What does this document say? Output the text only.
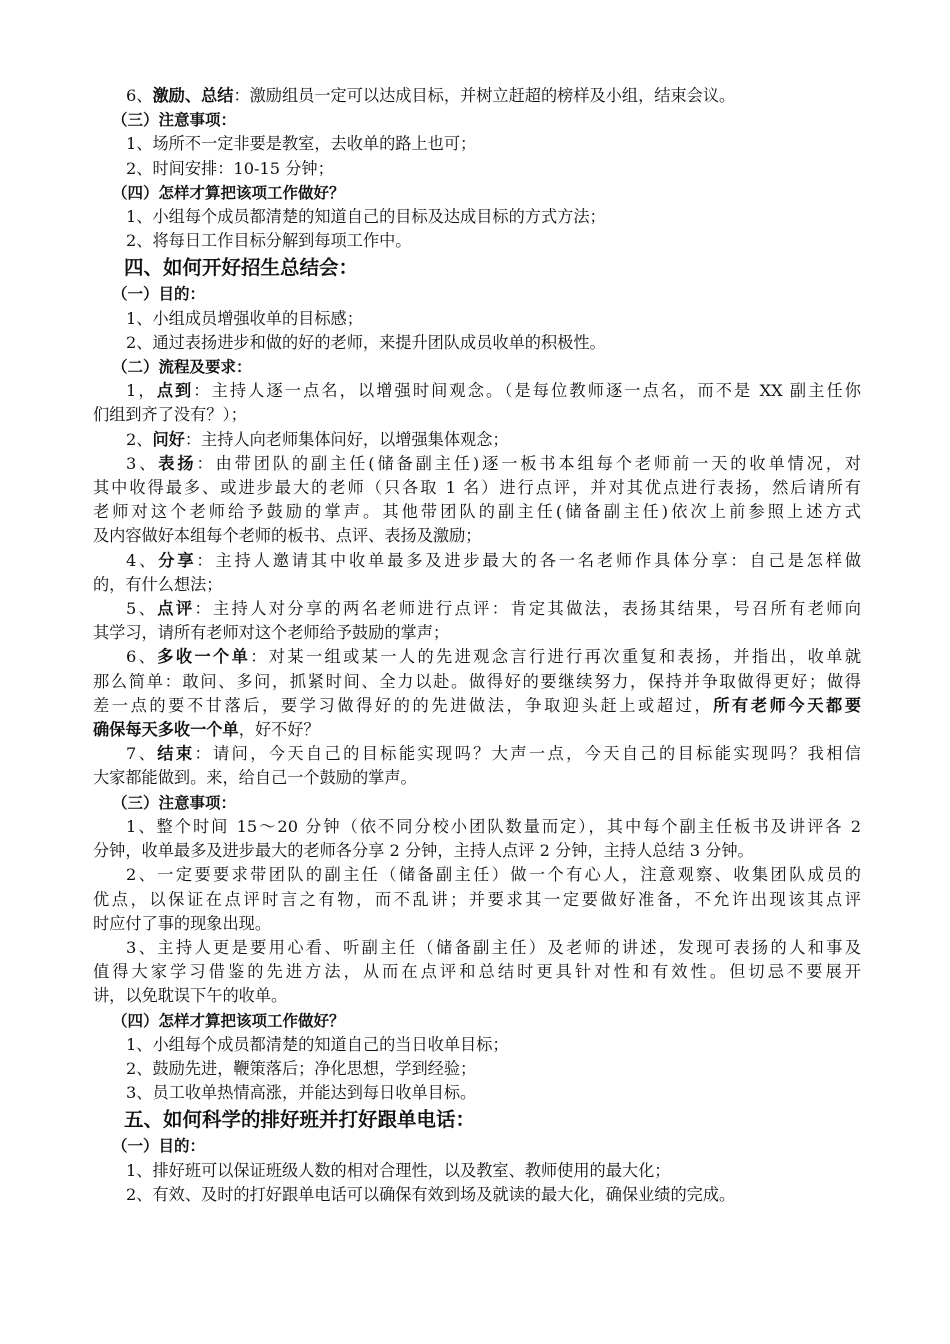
6、激励、总结：激励组员一定可以达成目标，并树立赶超的榜样及小组，结束会议。

（三）注意事项：

1、场所不一定非要是教室，去收单的路上也可；

2、时间安排：10-15 分钟；

（四）怎样才算把该项工作做好？

1、小组每个成员都清楚的知道自己的目标及达成目标的方式方法；

2、将每日工作目标分解到每项工作中。

四、如何开好招生总结会：
（一）目的：

1、小组成员增强收单的目标感；

2、通过表扬进步和做的好的老师，来提升团队成员收单的积极性。

（二）流程及要求：

1，点到：主持人逐一点名，以增强时间观念。（是每位教师逐一点名，而不是 XX 副主任你

们组到齐了没有？）；

2、问好：主持人向老师集体问好，以增强集体观念；

3、表扬：由带团队的副主任(储备副主任)逐一板书本组每个老师前一天的收单情况，对

其中收得最多、或进步最大的老师（只各取 1 名）进行点评，并对其优点进行表扬，然后请所有

老师对这个老师给予鼓励的掌声。其他带团队的副主任(储备副主任)依次上前参照上述方式

及内容做好本组每个老师的板书、点评、表扬及激励；

4、分享：主持人邀请其中收单最多及进步最大的各一名老师作具体分享：自己是怎样做

的，有什么想法；

5、点评：主持人对分享的两名老师进行点评：肯定其做法，表扬其结果，号召所有老师向

其学习，请所有老师对这个老师给予鼓励的掌声；

6、多收一个单：对某一组或某一人的先进观念言行进行再次重复和表扬，并指出，收单就

那么简单：敢问、多问，抓紧时间、全力以赴。做得好的要继续努力，保持并争取做得更好；做得

差一点的要不甘落后，要学习做得好的的先进做法，争取迎头赶上或超过，所有老师今天都要

确保每天多收一个单，好不好？

7、结束：请问，今天自己的目标能实现吗？大声一点，今天自己的目标能实现吗？我相信

大家都能做到。来，给自己一个鼓励的掌声。

（三）注意事项：

1、整个时间 15～20 分钟（依不同分校小团队数量而定），其中每个副主任板书及讲评各 2

分钟，收单最多及进步最大的老师各分享 2 分钟，主持人点评 2 分钟，主持人总结 3 分钟。

2、一定要要求带团队的副主任（储备副主任）做一个有心人，注意观察、收集团队成员的

优点，以保证在点评时言之有物，而不乱讲；并要求其一定要做好准备，不允许出现该其点评

时应付了事的现象出现。

3、主持人更是要用心看、听副主任（储备副主任）及老师的讲述，发现可表扬的人和事及

值得大家学习借鉴的先进方法，从而在点评和总结时更具针对性和有效性。但切忌不要展开

讲，以免耽误下午的收单。

（四）怎样才算把该项工作做好？

1、小组每个成员都清楚的知道自己的当日收单目标；

2、鼓励先进，鞭策落后；净化思想，学到经验；

3、员工收单热情高涨，并能达到每日收单目标。

五、如何科学的排好班并打好跟单电话：
（一）目的：

1、排好班可以保证班级人数的相对合理性，以及教室、教师使用的最大化；

2、有效、及时的打好跟单电话可以确保有效到场及就读的最大化，确保业绩的完成。
